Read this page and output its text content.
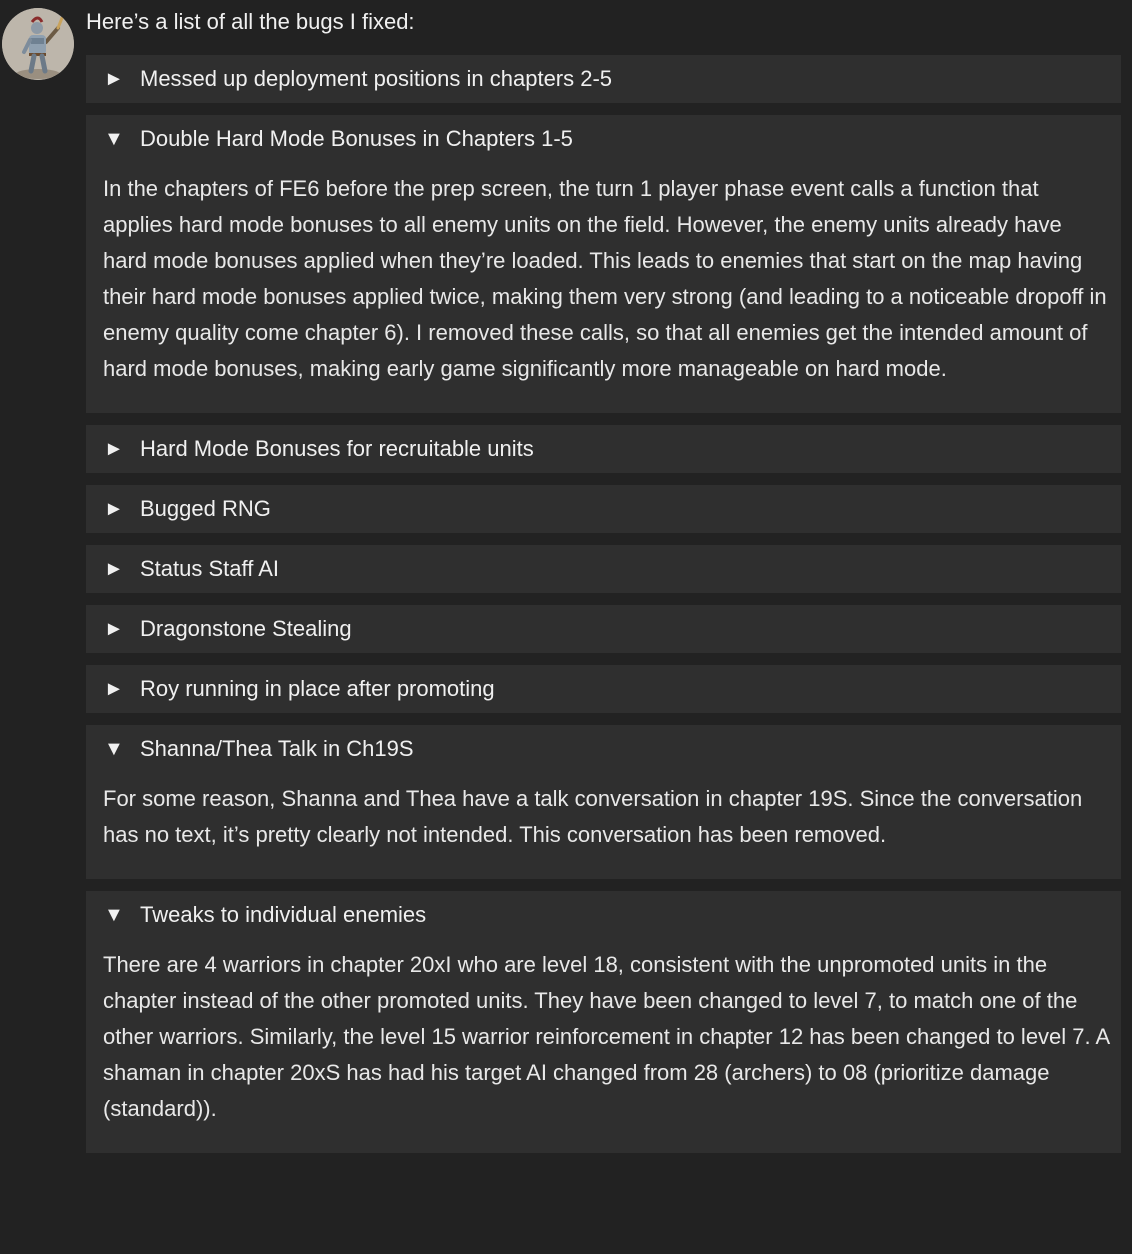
Here’s a list of all the bugs I fixed:

► Messed up deployment positions in chapters 2-5
▼ Double Hard Mode Bonuses in Chapters 1-5

In the chapters of FE6 before the prep screen, the turn 1 player phase event calls a function that applies hard mode bonuses to all enemy units on the field. However, the enemy units already have hard mode bonuses applied when they’re loaded. This leads to enemies that start on the map having their hard mode bonuses applied twice, making them very strong (and leading to a noticeable dropoff in enemy quality come chapter 6). I removed these calls, so that all enemies get the intended amount of hard mode bonuses, making early game significantly more manageable on hard mode.

► Hard Mode Bonuses for recruitable units
► Bugged RNG
► Status Staff AI
► Dragonstone Stealing
► Roy running in place after promoting
▼ Shanna/Thea Talk in Ch19S

For some reason, Shanna and Thea have a talk conversation in chapter 19S. Since the conversation has no text, it’s pretty clearly not intended. This conversation has been removed.

▼ Tweaks to individual enemies

There are 4 warriors in chapter 20xI who are level 18, consistent with the unpromoted units in the chapter instead of the other promoted units. They have been changed to level 7, to match one of the other warriors. Similarly, the level 15 warrior reinforcement in chapter 12 has been changed to level 7. A shaman in chapter 20xS has had his target AI changed from 28 (archers) to 08 (prioritize damage (standard)).
